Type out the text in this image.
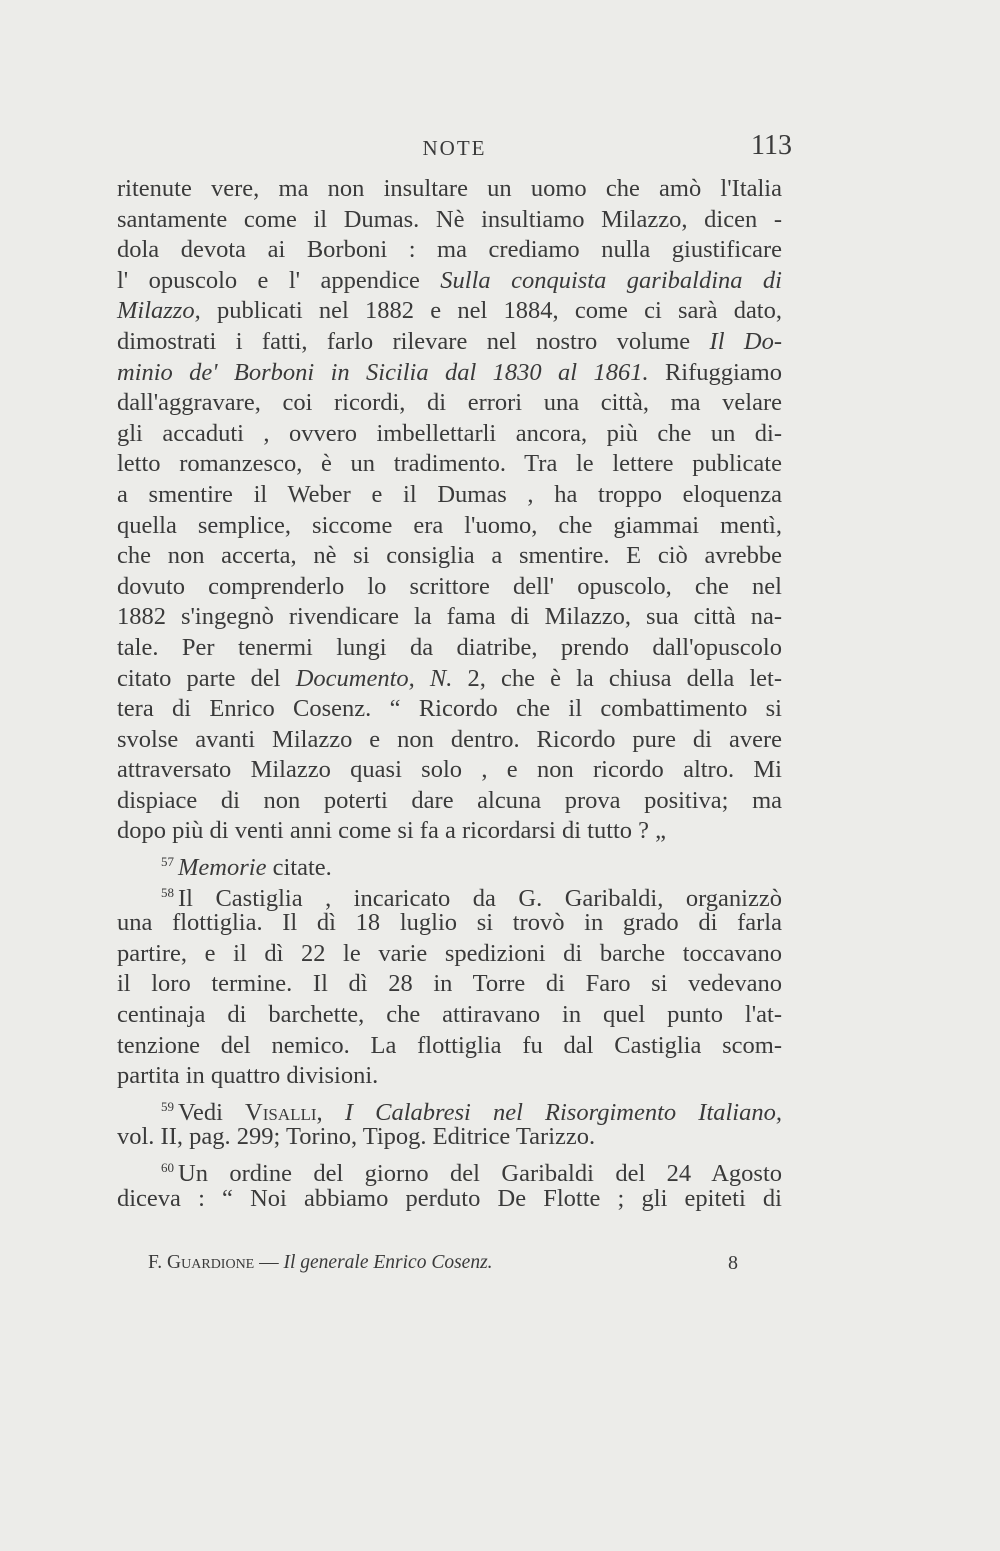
NOTE	113
ritenute vere, ma non insultare un uomo che amò l'Italia
santamente come il Dumas. Nè insultiamo Milazzo, dicen -
dola devota ai Borboni : ma crediamo nulla giustificare
l' opuscolo e l' appendice Sulla conquista garibaldina di
Milazzo, publicati nel 1882 e nel 1884, come ci sarà dato,
dimostrati i fatti, farlo rilevare nel nostro volume Il Do-
minio de' Borboni in Sicilia dal 1830 al 1861. Rifuggiamo
dall'aggravare, coi ricordi, di errori una città, ma velare
gli accaduti , ovvero imbellettarli ancora, più che un di-
letto romanzesco, è un tradimento. Tra le lettere publicate
a smentire il Weber e il Dumas , ha troppo eloquenza
quella semplice, siccome era l'uomo, che giammai mentì,
che non accerta, nè si consiglia a smentire. E ciò avrebbe
dovuto comprenderlo lo scrittore dell' opuscolo, che nel
1882 s'ingegnò rivendicare la fama di Milazzo, sua città na-
tale. Per tenermi lungi da diatribe, prendo dall'opuscolo
citato parte del Documento, N. 2, che è la chiusa della let-
tera di Enrico Cosenz. “ Ricordo che il combattimento si
svolse avanti Milazzo e non dentro. Ricordo pure di avere
attraversato Milazzo quasi solo , e non ricordo altro. Mi
dispiace di non poterti dare alcuna prova positiva; ma
dopo più di venti anni come si fa a ricordarsi di tutto ? „
$^{57}$ Memorie citate.
$^{58}$ Il Castiglia , incaricato da G. Garibaldi, organizzò
una flottiglia. Il dì 18 luglio si trovò in grado di farla
partire, e il dì 22 le varie spedizioni di barche toccavano
il loro termine. Il dì 28 in Torre di Faro si vedevano
centinaja di barchette, che attiravano in quel punto l'at-
tenzione del nemico. La flottiglia fu dal Castiglia scom-
partita in quattro divisioni.
$^{59}$ Vedi Visalli, I Calabresi nel Risorgimento Italiano,
vol. II, pag. 299; Torino, Tipog. Editrice Tarizzo.
$^{60}$ Un ordine del giorno del Garibaldi del 24 Agosto
diceva : “ Noi abbiamo perduto De Flotte ; gli epiteti di
F. Guardione — Il generale Enrico Cosenz.	8
